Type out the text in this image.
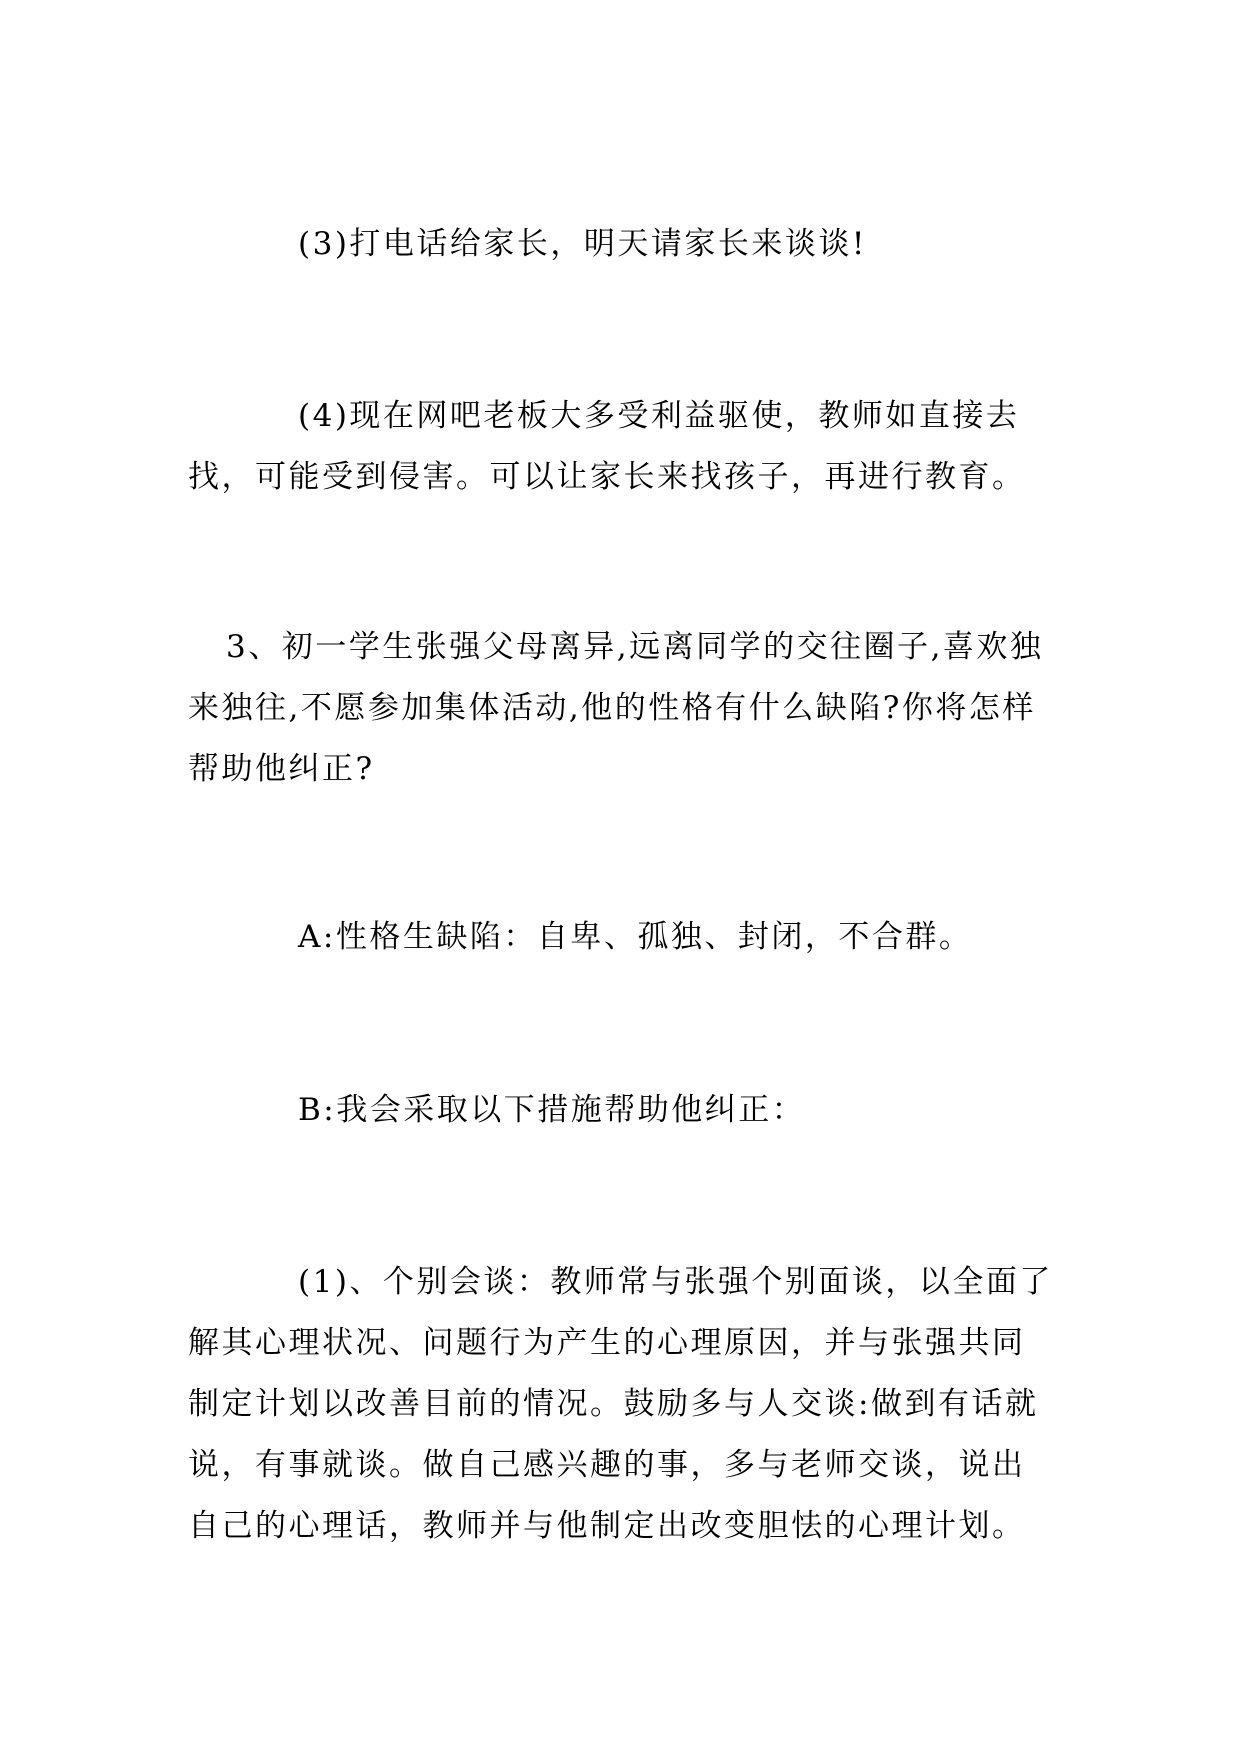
(3)打电话给家长，明天请家长来谈谈!

(4)现在网吧老板大多受利益驱使，教师如直接去找，可能受到侵害。可以让家长来找孩子，再进行教育。

3、初一学生张强父母离异,远离同学的交往圈子,喜欢独来独往,不愿参加集体活动,他的性格有什么缺陷?你将怎样帮助他纠正?

A:性格生缺陷：自卑、孤独、封闭，不合群。

B:我会采取以下措施帮助他纠正：

(1)、个别会谈：教师常与张强个别面谈，以全面了解其心理状况、问题行为产生的心理原因，并与张强共同制定计划以改善目前的情况。鼓励多与人交谈:做到有话就说，有事就谈。做自己感兴趣的事，多与老师交谈，说出自己的心理话，教师并与他制定出改变胆怯的心理计划。
